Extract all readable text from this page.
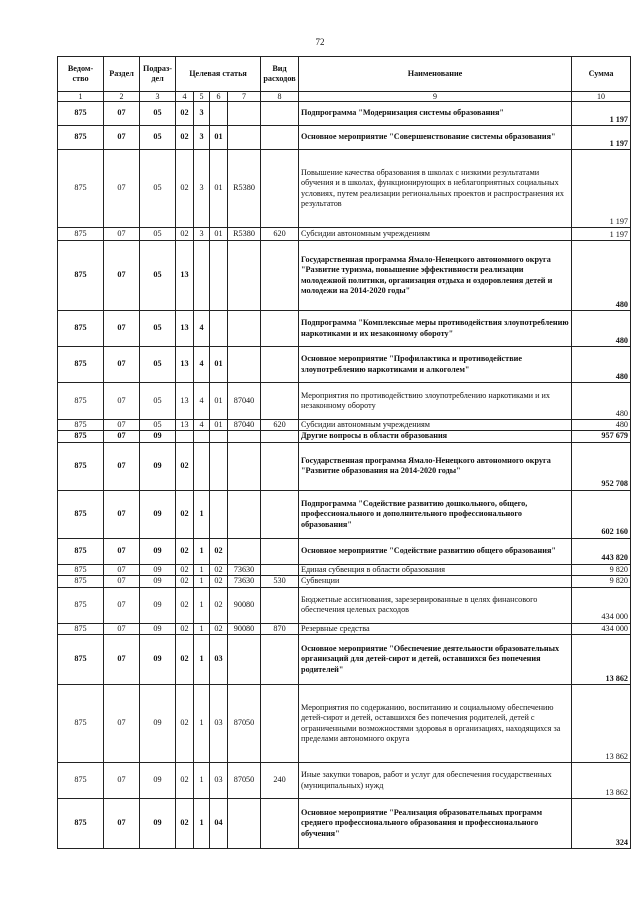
72
Ведом-ство	Раздел	Подраз-дел	Целевая статья				Вид расходов	Наименование	Сумма
1	2	3	4	5	6	7	8	9	10
875	07	05	02	3				Подпрограмма "Модернизация системы образования"	1 197
875	07	05	02	3	01			Основное мероприятие "Совершенствование системы образования"	1 197
875	07	05	02	3	01	R5380		Повышение качества образования в школах с низкими результатами обучения и в школах, функционирующих в неблагоприятных социальных условиях, путем реализации региональных проектов и распространения их результатов	1 197
875	07	05	02	3	01	R5380	620	Субсидии автономным учреждениям	1 197
875	07	05	13					Государственная программа Ямало-Ненецкого автономного округа "Развитие туризма, повышение эффективности реализации молодежной политики, организация отдыха и оздоровления детей и молодежи на 2014-2020 годы"	480
875	07	05	13	4				Подпрограмма "Комплексные меры противодействия злоупотреблению наркотиками и их незаконному обороту"	480
875	07	05	13	4	01			Основное мероприятие "Профилактика и противодействие злоупотреблению наркотиками и алкоголем"	480
875	07	05	13	4	01	87040		Мероприятия по противодействию злоупотреблению наркотиками и их незаконному обороту	480
875	07	05	13	4	01	87040	620	Субсидии автономным учреждениям	480
875	07	09						Другие вопросы в области образования	957 679
875	07	09	02					Государственная программа Ямало-Ненецкого автономного округа "Развитие образования на 2014-2020 годы"	952 708
875	07	09	02	1				Подпрограмма "Содействие развитию дошкольного, общего, профессионального и дополнительного профессионального образования"	602 160
875	07	09	02	1	02			Основное мероприятие "Содействие развитию общего образования"	443 820
875	07	09	02	1	02	73630		Единая субвенция в области образования	9 820
875	07	09	02	1	02	73630	530	Субвенции	9 820
875	07	09	02	1	02	90080		Бюджетные ассигнования, зарезервированные в целях финансового обеспечения целевых расходов	434 000
875	07	09	02	1	02	90080	870	Резервные средства	434 000
875	07	09	02	1	03			Основное мероприятие "Обеспечение деятельности образовательных организаций для детей-сирот и детей, оставшихся без попечения родителей"	13 862
875	07	09	02	1	03	87050		Мероприятия по содержанию, воспитанию и социальному обеспечению детей-сирот и детей, оставшихся без попечения родителей, детей с ограниченными возможностями здоровья в организациях, находящихся за пределами автономного округа	13 862
875	07	09	02	1	03	87050	240	Иные закупки товаров, работ и услуг для обеспечения государственных (муниципальных) нужд	13 862
875	07	09	02	1	04			Основное мероприятие "Реализация образовательных программ среднего профессионального образования и профессионального обучения"	324
